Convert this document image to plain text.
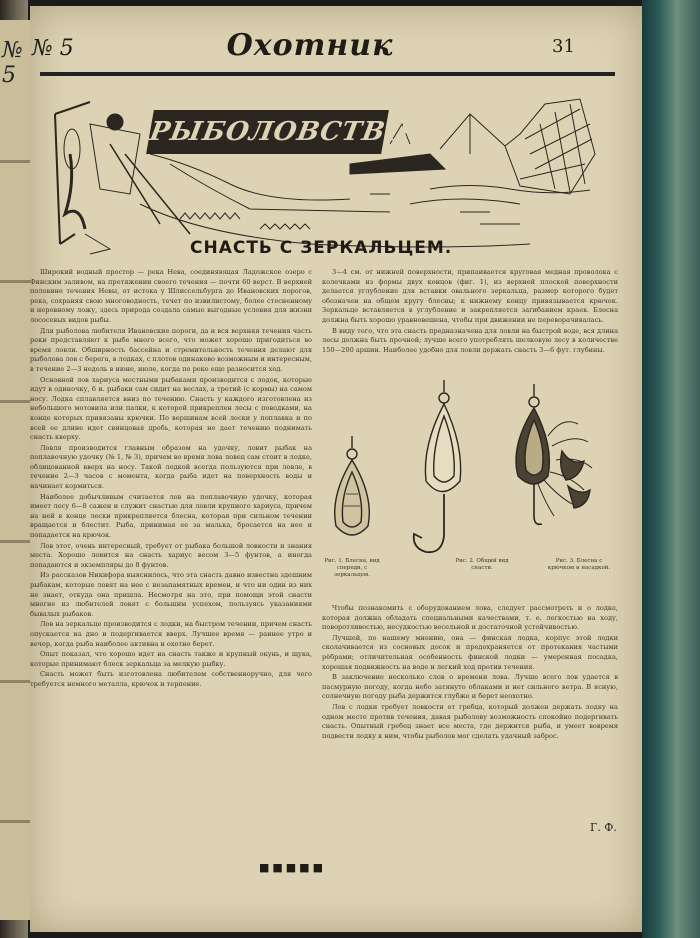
№ 5
№ 5	Охотник	31
РЫБОЛОВСТВО
СНАСТЬ С ЗЕРКАЛЬЦЕМ.

Широкий водный простор — река Нева, соединяющая Ладожское озеро с Финским заливом, на протяжении своего течения — почти 60 верст. В верхней половине течения Невы, от истока у Шлиссельбурга до Ивановских порогов, река, сохраняя свою многоводность, течет по извилистому, более стесненному и неровному ложу, здесь природа создала самые выгодные условия для жизни лососевых видов рыбы.

Для рыболова любителя Ивановские пороги, да и вся верхняя течения часть реки представляют к рыбе много всего, что может хорошо пригодиться во время ловли. Обширность бассейна и стремительность течения делают для рыболова лов с берега, в лодках, с плотов одинаково возможным и интересным, в течение 2—3 недель в июне, июле, когда по реке еще разносится ход.

Основной лов хариуса местными рыбаками производится с лодок, которые идут в одиночку, 6 и. рыбаки сам сидит на веслах, а третий (с кормы) на самом носу. Лодка сплавляется вниз по течению. Снасть у каждого изготовлена из небольшого мотовила или палки, к которой прикреплен лесы с поводками, на конце которых привязаны крючки. По вершинам всей лески у поплавка и по всей ее длине идет свинцовая дробь, которая не дает течению поднимать снасть кверху.

Ловля производится главным образом на удочку, ловит рыбак на поплавочную удочку (№ 1, № 3), причем во время лова ловец сам стоит в лодке, облицованной вверх на носу. Такой лодкой всегда пользуются при ловле, в течение 2—3 часов с момента, когда рыба идет на поверхность воды и начинает кормиться.

Наиболее добычливым считается лов на поплавочную удочку, которая имеет лесу 6—8 сажен и служит снастью для ловли крупного хариуса, причем на ней в конце лески прикрепляется блесна, которая при сильном течении вращается и блестит. Рыба, принимая ее за малька, бросается на нее и попадается на крючок.

Лов этот, очень интересный, требует от рыбака большой ловкости и знания места. Хорошо ловится на снасть хариус весом 3—5 фунтов, а иногда попадаются и экземпляры до 8 фунтов.

Из рассказов Никифора выяснилось, что эта снасть давно известна здешним рыбакам, которые ловят на нее с незапамятных времен, и что ни один из них не знает, откуда она пришла. Несмотря на это, при помощи этой снасти многие из любителей ловят с большим успехом, пользуясь указаниями бывалых рыбаков.

Лов на зеркальце производится с лодки, на быстром течении, причем снасть опускается на дно и подергивается вверх. Лучшее время — раннее утро и вечер, когда рыба наиболее активна и охотно берет.

Опыт показал, что хорошо идет на снасть также и крупный окунь, и щука, которые принимают блеск зеркальца за мелкую рыбку.

Снасть может быть изготовлена любителем собственноручно, для чего требуется немного металла, крючок и терпение.

3—4 см. от нижней поверхности, припаивается круговая медная проволока с колечками из формы двух концов (фиг. 1), из верхней плоской поверхности делается углубление для вставки овального зеркальца, размер которого будет обозначен на общем кругу блесны; к нижнему концу привязывается крючок. Зеркальце вставляется в углубление и закрепляется загибанием краев. Блесна должна быть хорошо уравновешена, чтобы при движении не переворачивалась.

В виду того, что эта снасть предназначена для ловли на быстрой воде, вся длина лесы должна быть прочной; лучше всего употреблять шелковую лесу в количестве 150—200 аршин. Наиболее удобно для ловли держать снасть 3—6 фут. глубины.

Рис. 1. Блесна, вид спереди, с зеркальцем.
Рис. 2. Общий вид снасти.
Рис. 3. Блесна с крючком и насадкой.

Чтобы познакомить с оборудованием лова, следует рассмотреть и о лодке, которая должна обладать специальными качествами, т. е. легкостью на ходу, поворотливостью, несудкостью весельной и достаточной устойчивостью.

Лучшей, по нашему мнению, она — финская лодка, корпус этой лодки сколачивается из сосновых досок и предохраняется от протекания частыми рёбрами; отличительная особенность финской лодки — умеренная посадка, хорошая подвижность на воде и легкий ход против течения.

В заключение несколько слов о времени лова. Лучше всего лов удается в пасмурную погоду, когда небо затянуто облаками и нет сильного ветра. В ясную, солнечную погоду рыба держится глубже и берет неохотно.

Лов с лодки требует ловкости от гребца, который должен держать лодку на одном месте против течения, давая рыболову возможность спокойно подергивать снасть. Опытный гребец знает все места, где держится рыба, и умеет вовремя подвести лодку к ним, чтобы рыболов мог сделать удачный заброс.

Г. Ф.
■■■■■
